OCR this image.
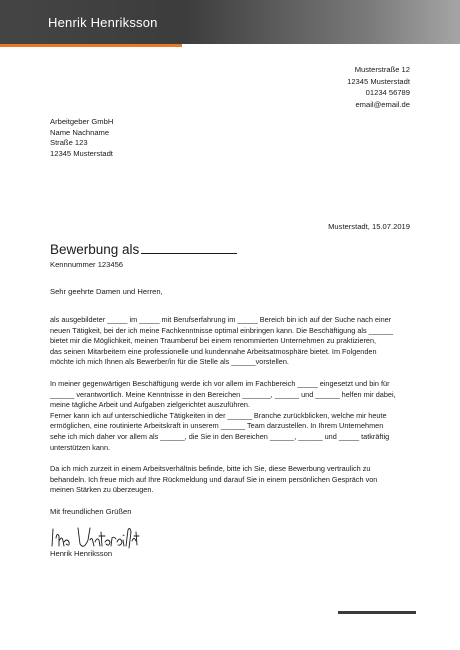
Henrik Henriksson
Musterstraße 12
12345 Musterstadt
01234 56789
email@email.de
Arbeitgeber GmbH
Name Nachname
Straße 123
12345 Musterstadt
Musterstadt, 15.07.2019
Bewerbung als
Kennnummer 123456
Sehr geehrte Damen und Herren,
als ausgebildeter _____ im _____ mit Berufserfahrung im _____ Bereich bin ich auf der Suche nach einer
neuen Tätigkeit, bei der ich meine Fachkenntnisse optimal einbringen kann. Die Beschäftigung als ______
bietet mir die Möglichkeit, meinen Traumberuf bei einem renommierten Unternehmen zu praktizieren,
das seinen Mitarbeitern eine professionelle und kundennahe Arbeitsatmosphäre bietet. Im Folgenden
möchte ich mich Ihnen als Bewerber/in für die Stelle als ______vorstellen.
In meiner gegenwärtigen Beschäftigung werde ich vor allem im Fachbereich _____ eingesetzt und bin für
______ verantwortlich. Meine Kenntnisse in den Bereichen _______, ______ und ______ helfen mir dabei,
meine tägliche Arbeit und Aufgaben zielgerichtet auszuführen.
Ferner kann ich auf unterschiedliche Tätigkeiten in der ______ Branche zurückblicken, welche mir heute
ermöglichen, eine routinierte Arbeitskraft in unserem ______ Team darzustellen. In Ihrem Unternehmen
sehe ich mich daher vor allem als ______, die Sie in den Bereichen ______, ______ und _____ tatkräftig
unterstützen kann.
Da ich mich zurzeit in einem Arbeitsverhältnis befinde, bitte ich Sie, diese Bewerbung vertraulich zu
behandeln. Ich freue mich auf Ihre Rückmeldung und darauf Sie in einem persönlichen Gespräch von
meinen Stärken zu überzeugen.
Mit freundlichen Grüßen
Henrik Henriksson
